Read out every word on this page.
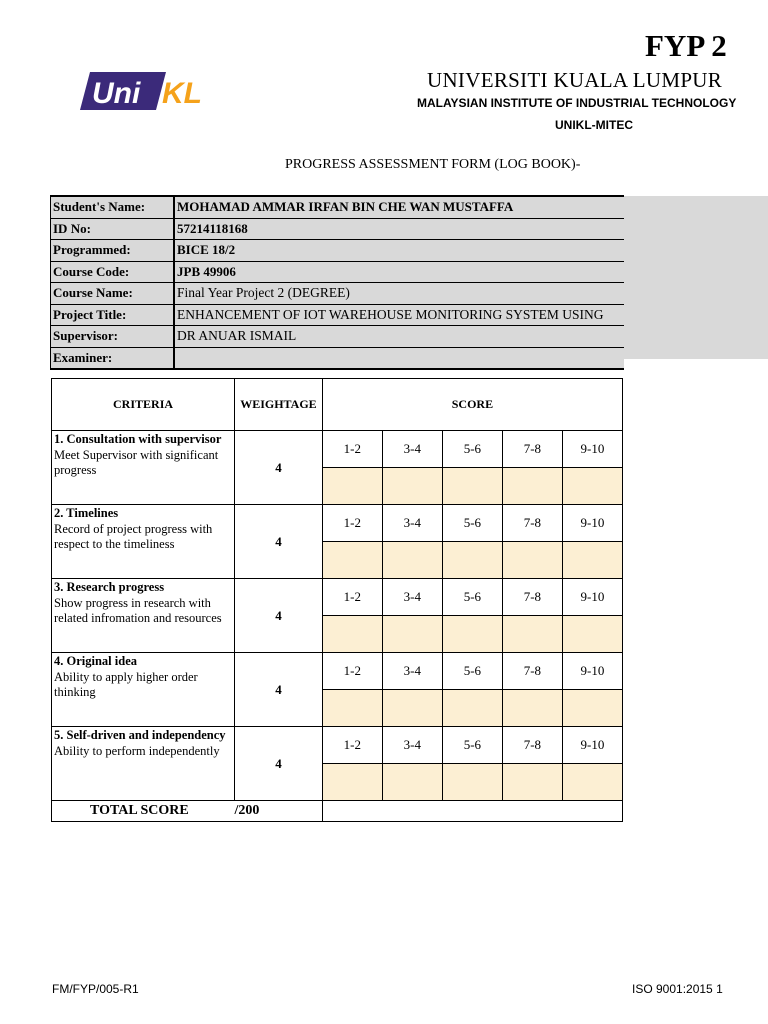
FYP 2
Uni KL	UNIVERSITI KUALA LUMPUR
MALAYSIAN INSTITUTE OF INDUSTRIAL TECHNOLOGY
UNIKL-MITEC
PROGRESS ASSESSMENT FORM (LOG BOOK)-
Student's Name:	MOHAMAD AMMAR IRFAN BIN CHE WAN MUSTAFFA
ID No:	57214118168
Programmed:	BICE 18/2
Course Code:	JPB 49906
Course Name:	Final Year Project 2 (DEGREE)
Project Title:	ENHANCEMENT OF IOT WAREHOUSE MONITORING SYSTEM USING
Supervisor:	DR ANUAR ISMAIL
Examiner:
CRITERIA	WEIGHTAGE	SCORE				

1. Consultation with supervisor
Meet Supervisor with significant progress	4	1-2	3-4	5-6	7-8	9-10

2. Timelines
Record of project progress with respect to the timeliness	4	1-2	3-4	5-6	7-8	9-10

3. Research progress
Show progress in research with related infromation and resources	4	1-2	3-4	5-6	7-8	9-10

4. Original idea
Ability to apply higher order thinking	4	1-2	3-4	5-6	7-8	9-10

5. Self-driven and independency
Ability to perform independently	4	1-2	3-4	5-6	7-8	9-10

TOTAL SCORE	/200					
FM/FYP/005-R1	ISO 9001:2015 1
